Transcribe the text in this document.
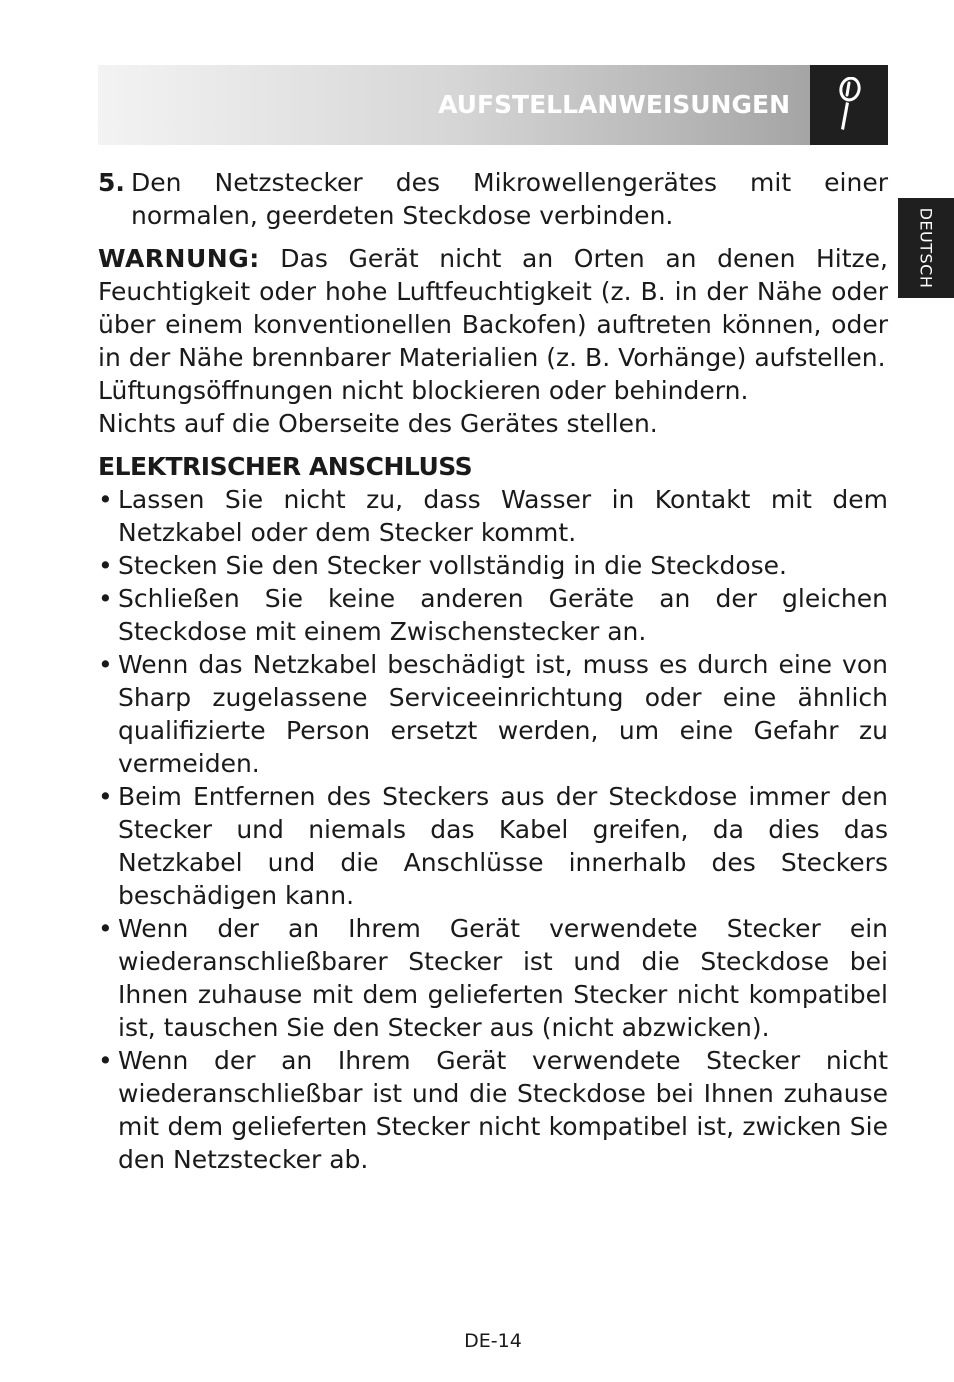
AUFSTELLANWEISUNGEN
DEUTSCH
5. Den Netzstecker des Mikrowellengerätes mit einer normalen, geerdeten Steckdose verbinden.

WARNUNG: Das Gerät nicht an Orten an denen Hitze, Feuchtigkeit oder hohe Luftfeuchtigkeit (z. B. in der Nähe oder über einem konventionellen Backofen) auftreten können, oder in der Nähe brennbarer Materialien (z. B. Vorhänge) aufstellen.

Lüftungsöffnungen nicht blockieren oder behindern.

Nichts auf die Oberseite des Gerätes stellen.

ELEKTRISCHER ANSCHLUSS
• Lassen Sie nicht zu, dass Wasser in Kontakt mit dem Netzkabel oder dem Stecker kommt.
• Stecken Sie den Stecker vollständig in die Steckdose.
• Schließen Sie keine anderen Geräte an der gleichen Steckdose mit einem Zwischenstecker an.
• Wenn das Netzkabel beschädigt ist, muss es durch eine von Sharp zugelassene Serviceeinrichtung oder eine ähnlich qualifizierte Person ersetzt werden, um eine Gefahr zu vermeiden.
• Beim Entfernen des Steckers aus der Steckdose immer den Stecker und niemals das Kabel greifen, da dies das Netzkabel und die Anschlüsse innerhalb des Steckers beschädigen kann.
• Wenn der an Ihrem Gerät verwendete Stecker ein wiederanschließbarer Stecker ist und die Steckdose bei Ihnen zuhause mit dem gelieferten Stecker nicht kompatibel ist, tauschen Sie den Stecker aus (nicht abzwicken).
• Wenn der an Ihrem Gerät verwendete Stecker nicht wiederanschließbar ist und die Steckdose bei Ihnen zuhause mit dem gelieferten Stecker nicht kompatibel ist, zwicken Sie den Netzstecker ab.
DE-14
